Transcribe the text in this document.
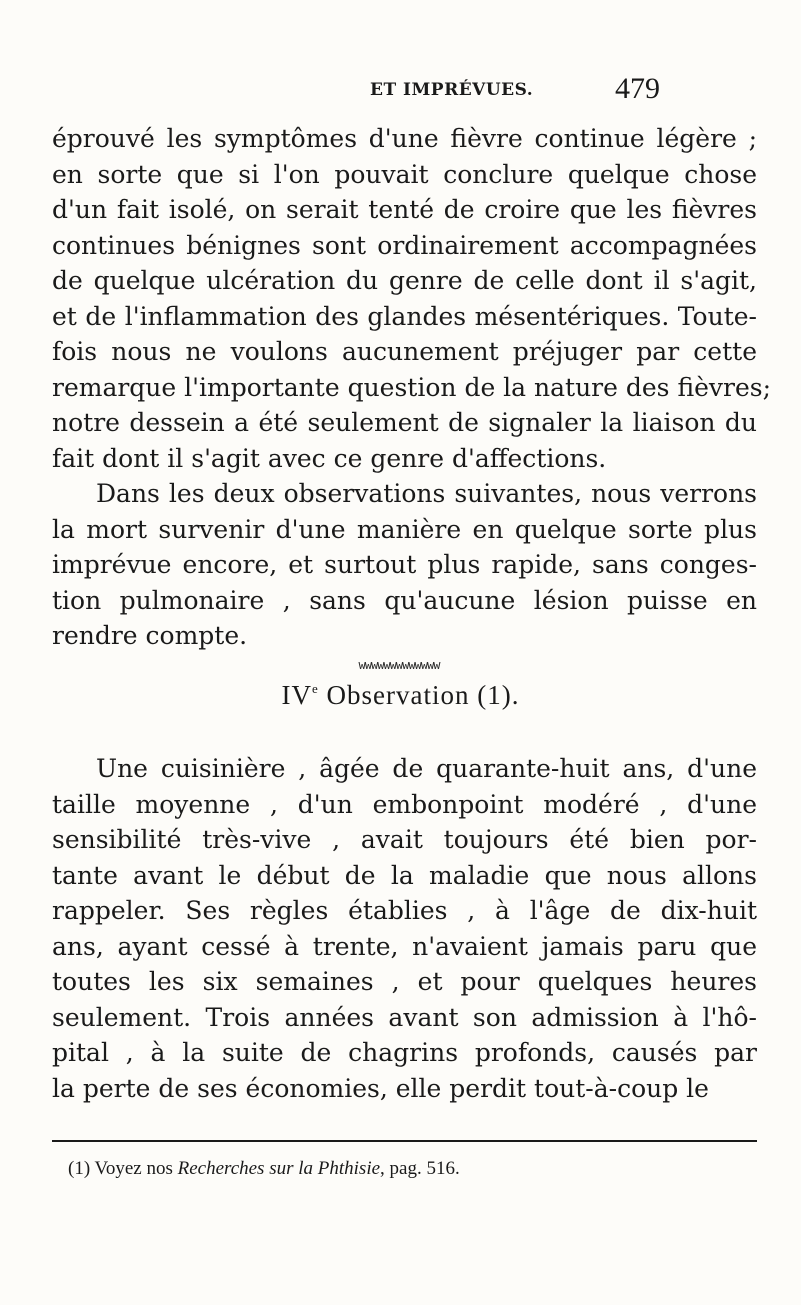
ET IMPRÉVUES.	479

éprouvé les symptômes d'une fièvre continue légère ;
en sorte que si l'on pouvait conclure quelque chose
d'un fait isolé, on serait tenté de croire que les fièvres
continues bénignes sont ordinairement accompagnées
de quelque ulcération du genre de celle dont il s'agit,
et de l'inflammation des glandes mésentériques. Toute-
fois nous ne voulons aucunement préjuger par cette
remarque l'importante question de la nature des fièvres;
notre dessein a été seulement de signaler la liaison du
fait dont il s'agit avec ce genre d'affections.

Dans les deux observations suivantes, nous verrons
la mort survenir d'une manière en quelque sorte plus
imprévue encore, et surtout plus rapide, sans conges-
tion pulmonaire , sans qu'aucune lésion puisse en
rendre compte.

wwwwwwwwwwwww
IVe Observation (1).

Une cuisinière , âgée de quarante-huit ans, d'une
taille moyenne , d'un embonpoint modéré , d'une
sensibilité très-vive , avait toujours été bien por-
tante avant le début de la maladie que nous allons
rappeler. Ses règles établies , à l'âge de dix-huit
ans, ayant cessé à trente, n'avaient jamais paru que
toutes les six semaines , et pour quelques heures
seulement. Trois années avant son admission à l'hô-
pital , à la suite de chagrins profonds, causés par
la perte de ses économies, elle perdit tout-à-coup le

(1) Voyez nos Recherches sur la Phthisie, pag. 516.
